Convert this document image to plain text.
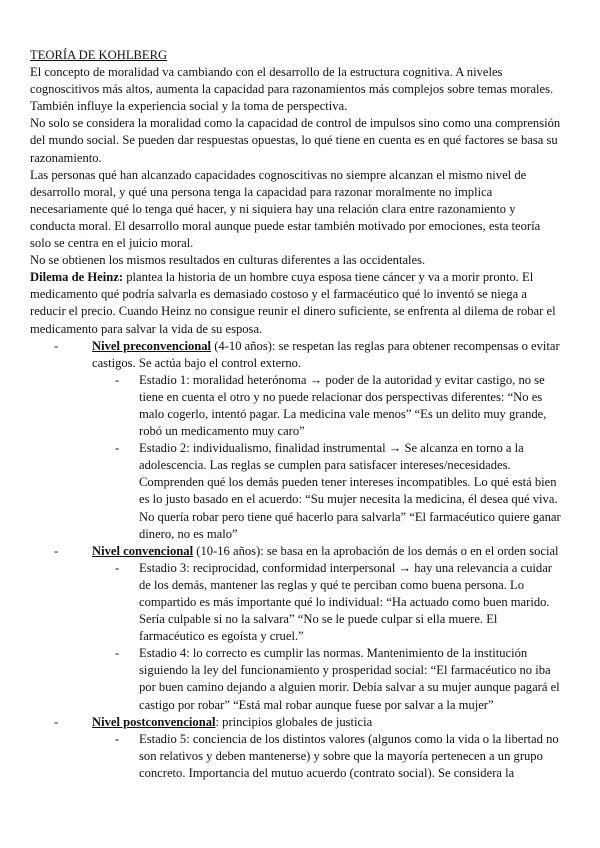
TEORÍA DE KOHLBERG

El concepto de moralidad va cambiando con el desarrollo de la estructura cognitiva. A niveles cognoscitivos más altos, aumenta la capacidad para razonamientos más complejos sobre temas morales. También influye la experiencia social y la toma de perspectiva.

No solo se considera la moralidad como la capacidad de control de impulsos sino como una comprensión del mundo social. Se pueden dar respuestas opuestas, lo qué tiene en cuenta es en qué factores se basa su razonamiento.

Las personas qué han alcanzado capacidades cognoscitivas no siempre alcanzan el mismo nivel de desarrollo moral, y qué una persona tenga la capacidad para razonar moralmente no implica necesariamente qué lo tenga qué hacer, y ni siquiera hay una relación clara entre razonamiento y conducta moral. El desarrollo moral aunque puede estar también motivado por emociones, esta teoría solo se centra en el juicio moral.

No se obtienen los mismos resultados en culturas diferentes a las occidentales.

Dilema de Heinz: plantea la historia de un hombre cuya esposa tiene cáncer y va a morir pronto. El medicamento qué podría salvarla es demasiado costoso y el farmacéutico qué lo inventó se niega a reducir el precio. Cuando Heinz no consigue reunir el dinero suficiente, se enfrenta al dilema de robar el medicamento para salvar la vida de su esposa.

- Nivel preconvencional (4-10 años): se respetan las reglas para obtener recompensas o evitar castigos. Se actúa bajo el control externo.
- Estadio 1: moralidad heterónoma → poder de la autoridad y evitar castigo, no se tiene en cuenta el otro y no puede relacionar dos perspectivas diferentes: “No es malo cogerlo, intentó pagar. La medicina vale menos” “Es un delito muy grande, robó un medicamento muy caro”
- Estadio 2: individualismo, finalidad instrumental → Se alcanza en torno a la adolescencia. Las reglas se cumplen para satisfacer intereses/necesidades. Comprenden qué los demás pueden tener intereses incompatibles. Lo qué está bien es lo justo basado en el acuerdo: “Su mujer necesita la medicina, él desea qué viva. No quería robar pero tiene qué hacerlo para salvarla” “El farmacéutico quiere ganar dinero, no es malo”
- Nivel convencional (10-16 años): se basa en la aprobación de los demás o en el orden social
- Estadio 3: reciprocidad, conformidad interpersonal → hay una relevancia a cuidar de los demás, mantener las reglas y qué te perciban como buena persona. Lo compartido es más importante qué lo individual: “Ha actuado como buen marido. Sería culpable si no la salvara” “No se le puede culpar si ella muere. El farmacéutico es egoísta y cruel.”
- Estadio 4: lo correcto es cumplir las normas. Mantenimiento de la institución siguiendo la ley del funcionamiento y prosperidad social: “El farmacéutico no iba por buen camino dejando a alguien morir. Debía salvar a su mujer aunque pagará el castigo por robar” “Está mal robar aunque fuese por salvar a la mujer”
- Nivel postconvencional: principios globales de justicia
- Estadio 5: conciencia de los distintos valores (algunos como la vida o la libertad no son relativos y deben mantenerse) y sobre que la mayoría pertenecen a un grupo concreto. Importancia del mutuo acuerdo (contrato social). Se considera la
